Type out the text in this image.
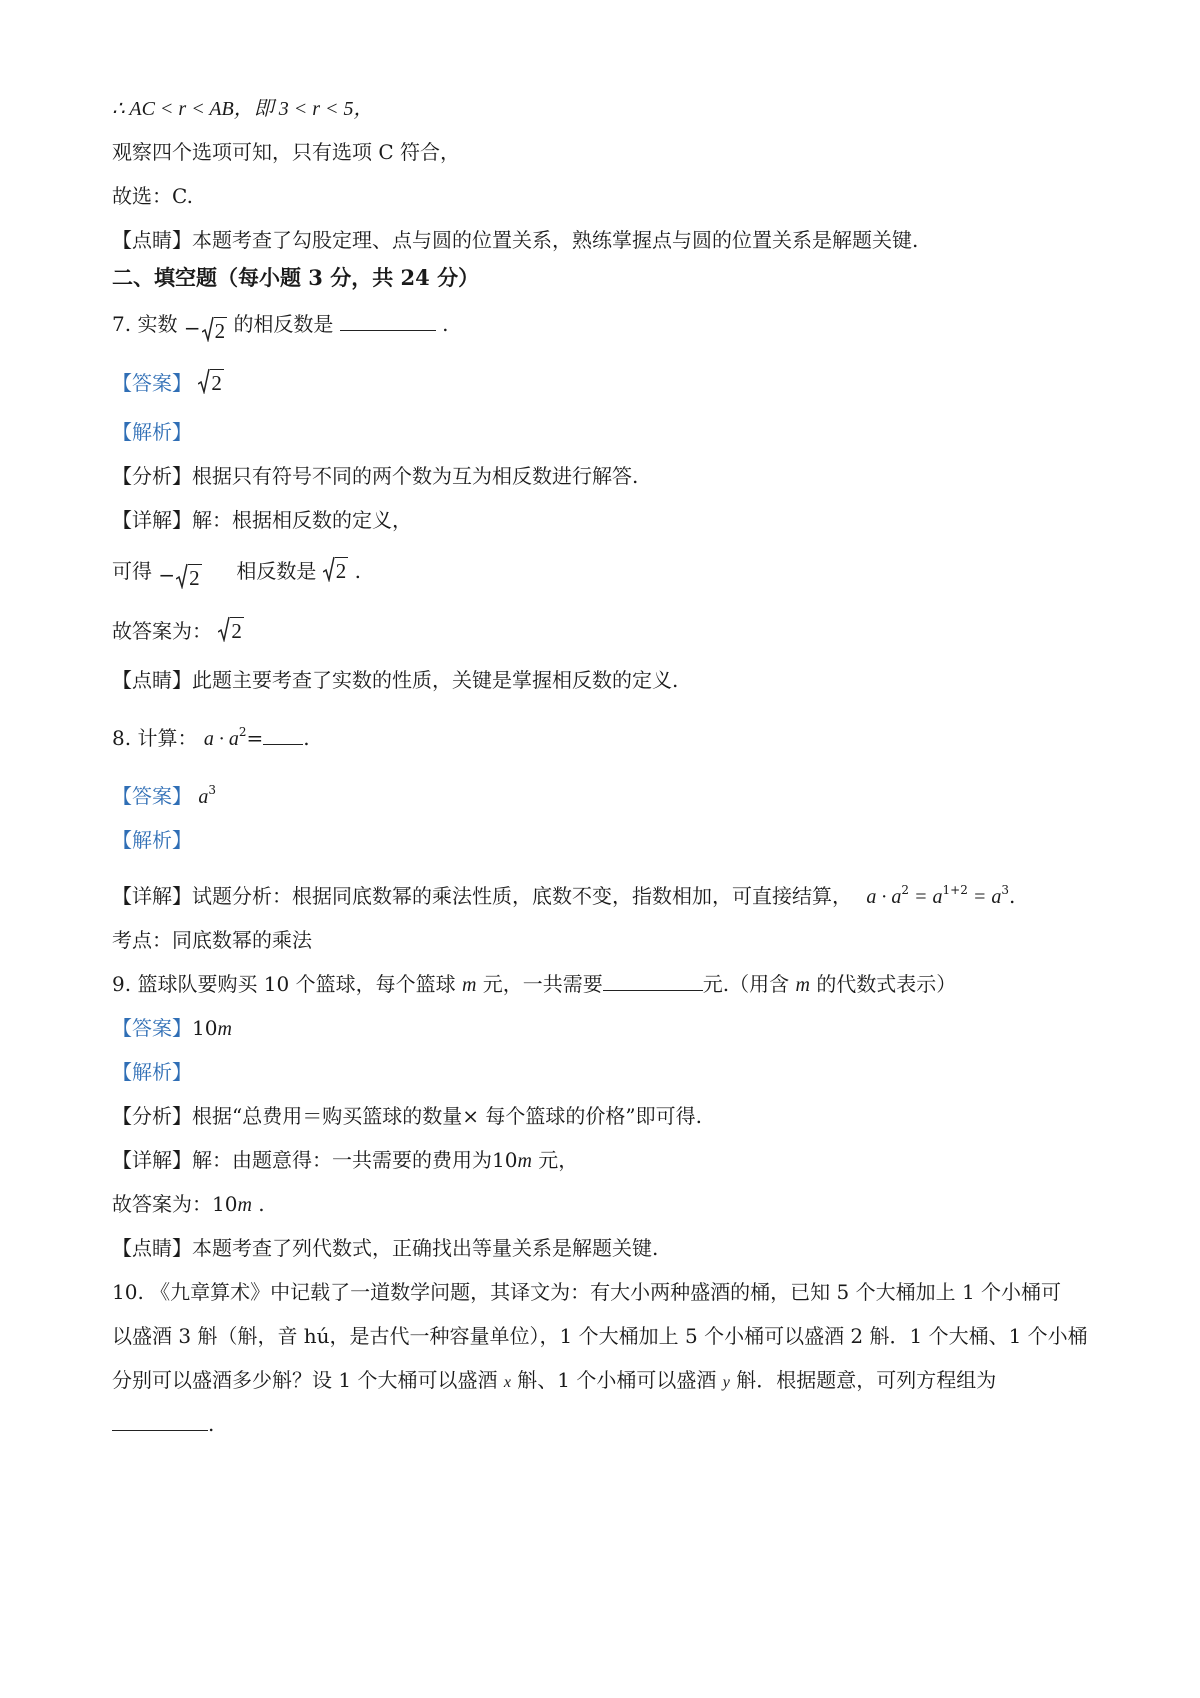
∴ AC < r < AB，即 3 < r < 5，
观察四个选项可知，只有选项 C 符合，
故选：C.
【点睛】本题考查了勾股定理、点与圆的位置关系，熟练掌握点与圆的位置关系是解题关键.
二、填空题（每小题 3 分，共 24 分）
7. 实数 − 2 的相反数是	.
【答案】 2
【解析】
【分析】根据只有符号不同的两个数为互为相反数进行解答.
【详解】解：根据相反数的定义，
可得 − 2 相反数是 2 .
故答案为： 2
【点睛】此题主要考查了实数的性质，关键是掌握相反数的定义.
8. 计算： $a \cdot a^2=$ .
【答案】 $a^3$
【解析】
【详解】试题分析：根据同底数幂的乘法性质，底数不变，指数相加，可直接结算， $a \cdot a^2 = a^{1+2} = a^3$.
考点：同底数幂的乘法
9. 篮球队要购买 10 个篮球，每个篮球 m 元，一共需要	元.（用含 m 的代数式表示）
【答案】10m
【解析】
【分析】根据“总费用＝购买篮球的数量× 每个篮球的价格”即可得.
【详解】解：由题意得：一共需要的费用为10m 元，
故答案为：10m .
【点睛】本题考查了列代数式，正确找出等量关系是解题关键.
10. 《九章算术》中记载了一道数学问题，其译文为：有大小两种盛酒的桶，已知 5 个大桶加上 1 个小桶可
以盛酒 3 斛（斛，音 hú，是古代一种容量单位），1 个大桶加上 5 个小桶可以盛酒 2 斛．1 个大桶、1 个小桶
分别可以盛酒多少斛？设 1 个大桶可以盛酒 x 斛、1 个小桶可以盛酒 y 斛．根据题意，可列方程组为
.
